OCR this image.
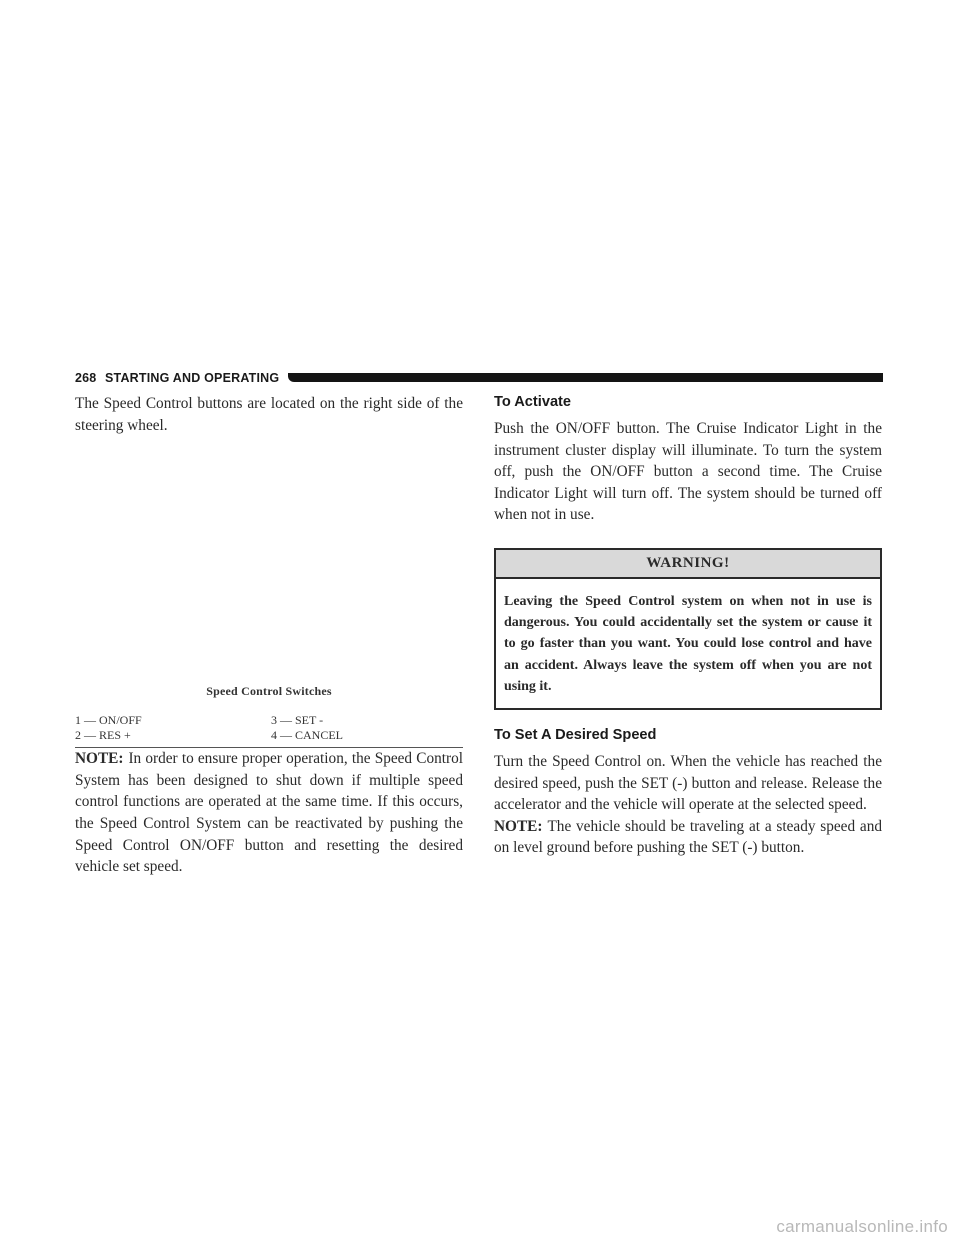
268 STARTING AND OPERATING

The Speed Control buttons are located on the right side of the steering wheel.

Speed Control Switches
1 — ON/OFF	3 — SET -
2 — RES +	4 — CANCEL

NOTE: In order to ensure proper operation, the Speed Control System has been designed to shut down if multiple speed control functions are operated at the same time. If this occurs, the Speed Control System can be reactivated by pushing the Speed Control ON/OFF button and resetting the desired vehicle set speed.

To Activate

Push the ON/OFF button. The Cruise Indicator Light in the instrument cluster display will illuminate. To turn the system off, push the ON/OFF button a second time. The Cruise Indicator Light will turn off. The system should be turned off when not in use.

WARNING!
Leaving the Speed Control system on when not in use is dangerous. You could accidentally set the system or cause it to go faster than you want. You could lose control and have an accident. Always leave the system off when you are not using it.
To Set A Desired Speed

Turn the Speed Control on. When the vehicle has reached the desired speed, push the SET (-) button and release. Release the accelerator and the vehicle will operate at the selected speed.

NOTE: The vehicle should be traveling at a steady speed and on level ground before pushing the SET (-) button.

carmanualsonline.info
